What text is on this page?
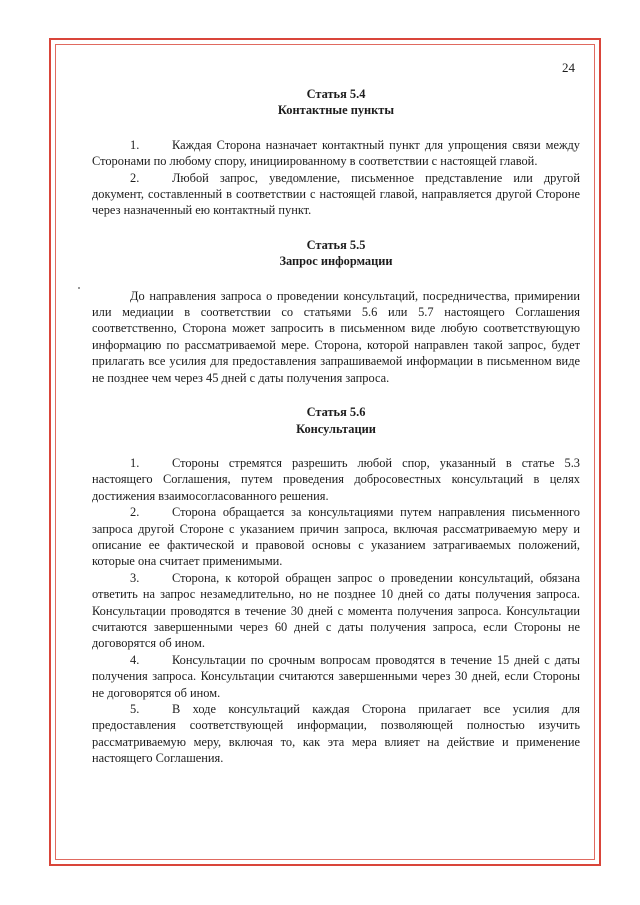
24
Статья 5.4
Контактные пункты

1.	Каждая Сторона назначает контактный пункт для упрощения связи между Сторонами по любому спору, инициированному в соответствии с настоящей главой.

2.	Любой запрос, уведомление, письменное представление или другой документ, составленный в соответствии с настоящей главой, направляется другой Стороне через назначенный ею контактный пункт.

Статья 5.5
Запрос информации

До направления запроса о проведении консультаций, посредничества, примирении или медиации в соответствии со статьями 5.6 или 5.7 настоящего Соглашения соответственно, Сторона может запросить в письменном виде любую соответствующую информацию по рассматриваемой мере. Сторона, которой направлен такой запрос, будет прилагать все усилия для предоставления запрашиваемой информации в письменном виде не позднее чем через 45 дней с даты получения запроса.

Статья 5.6
Консультации

1.	Стороны стремятся разрешить любой спор, указанный в статье 5.3 настоящего Соглашения, путем проведения добросовестных консультаций в целях достижения взаимосогласованного решения.

2.	Сторона обращается за консультациями путем направления письменного запроса другой Стороне с указанием причин запроса, включая рассматриваемую меру и описание ее фактической и правовой основы с указанием затрагиваемых положений, которые она считает применимыми.

3.	Сторона, к которой обращен запрос о проведении консультаций, обязана ответить на запрос незамедлительно, но не позднее 10 дней со даты получения запроса. Консультации проводятся в течение 30 дней с момента получения запроса. Консультации считаются завершенными через 60 дней с даты получения запроса, если Стороны не договорятся об ином.

4.	Консультации по срочным вопросам проводятся в течение 15 дней с даты получения запроса. Консультации считаются завершенными через 30 дней, если Стороны не договорятся об ином.

5.	В ходе консультаций каждая Сторона прилагает все усилия для предоставления соответствующей информации, позволяющей полностью изучить рассматриваемую меру, включая то, как эта мера влияет на действие и применение настоящего Соглашения.
